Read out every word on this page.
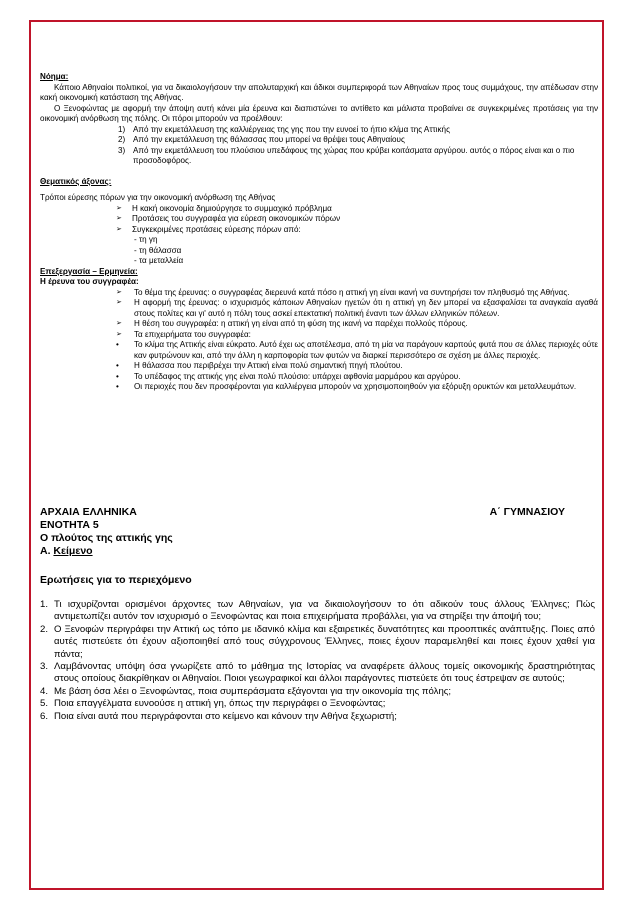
Νόημα:
Κάποιο Αθηναίοι πολιτικοί, για να δικαιολογήσουν την απολυταρχική και άδικοι συμπεριφορά των Αθηναίων προς τους συμμάχους, την απέδωσαν στην κακή οικονομική κατάσταση της Αθήνας.
Ο Ξενοφώντας με αφορμή την άποψη αυτή κάνει μία έρευνα και διαπιστώνει το αντίθετο και μάλιστα προβαίνει σε συγκεκριμένες προτάσεις για την οικονομική ανόρθωση της πόλης. Οι πόροι μπορούν να προέλθουν:
1) Από την εκμετάλλευση της καλλιέργειας της γης που την ευνοεί το ήπιο κλίμα της Αττικής
2) Από την εκμετάλλευση της θάλασσας που μπορεί να θρέψει τους Αθηναίους
3) Από την εκμετάλλευση του πλούσιου υπεδάφους της χώρας που κρύβει κοιτάσματα αργύρου. αυτός ο πόρος είναι και ο πιο προσοδοφόρος.
Θεματικός άξονας:
Τρόποι εύρεσης πόρων για την οικονομική ανόρθωση της Αθήνας
➢ Η κακή οικονομία δημιούργησε το συμμαχικό πρόβλημα
➢ Προτάσεις του συγγραφέα για εύρεση οικονομικών πόρων
➢ Συγκεκριμένες προτάσεις εύρεσης πόρων από:
- τη γη
- τη θάλασσα
- τα μεταλλεία
Επεξεργασία – Ερμηνεία:
Η έρευνα του συγγραφέα:
➢ Το θέμα της έρευνας: ο συγγραφέας διερευνά κατά πόσο η αττική γη είναι ικανή να συντηρήσει τον πληθυσμό της Αθήνας.
➢ Η αφορμή της έρευνας: ο ισχυρισμός κάποιων Αθηναίων ηγετών ότι η αττική γη δεν μπορεί να εξασφαλίσει τα αναγκαία αγαθά στους πολίτες και γι' αυτό η πόλη τους ασκεί επεκτατική πολιτική έναντι των άλλων ελληνικών πόλεων.
➢ Η θέση του συγγραφέα: η αττική γη είναι από τη φύση της ικανή να παρέχει πολλούς πόρους.
➢ Τα επιχειρήματα του συγγραφέα:
• Το κλίμα της Αττικής είναι εύκρατο. Αυτό έχει ως αποτέλεσμα, από τη μία να παράγουν καρπούς φυτά που σε άλλες περιοχές ούτε καν φυτρώνουν και, από την άλλη η καρποφορία των φυτών να διαρκεί περισσότερο σε σχέση με άλλες περιοχές.
• Η θάλασσα που περιβρέχει την Αττική είναι πολύ σημαντική πηγή πλούτου.
• Το υπέδαφος της αττικής γης είναι πολύ πλούσιο: υπάρχει αφθονία μαρμάρου και αργύρου.
• Οι περιοχές που δεν προσφέρονται για καλλιέργεια μπορούν να χρησιμοποιηθούν για εξόρυξη ορυκτών και μεταλλευμάτων.
ΑΡΧΑΙΑ ΕΛΛΗΝΙΚΑ	Α΄ ΓΥΜΝΑΣΙΟΥ
ΕΝΟΤΗΤΑ 5
Ο πλούτος της αττικής γης
Α. Κείμενο
Ερωτήσεις για το περιεχόμενο
1. Τι ισχυρίζονται ορισμένοι άρχοντες των Αθηναίων, για να δικαιολογήσουν το ότι αδικούν τους άλλους Έλληνες; Πώς αντιμετωπίζει αυτόν τον ισχυρισμό ο Ξενοφώντας και ποια επιχειρήματα προβάλλει, για να στηρίξει την άποψή του;
2. Ο Ξενοφών περιγράφει την Αττική ως τόπο με ιδανικό κλίμα και εξαιρετικές δυνατότητες και προοπτικές ανάπτυξης. Ποιες από αυτές πιστεύετε ότι έχουν αξιοποιηθεί από τους σύγχρονους Έλληνες, ποιες έχουν παραμεληθεί και ποιες έχουν χαθεί για πάντα;
3. Λαμβάνοντας υπόψη όσα γνωρίζετε από το μάθημα της Ιστορίας να αναφέρετε άλλους τομείς οικονομικής δραστηριότητας στους οποίους διακρίθηκαν οι Αθηναίοι. Ποιοι γεωγραφικοί και άλλοι παράγοντες πιστεύετε ότι τους έστρεψαν σε αυτούς;
4. Με βάση όσα λέει ο Ξενοφώντας, ποια συμπεράσματα εξάγονται για την οικονομία της πόλης;
5. Ποια επαγγέλματα ευνοούσε η αττική γη, όπως την περιγράφει ο Ξενοφώντας;
6. Ποια είναι αυτά που περιγράφονται στο κείμενο και κάνουν την Αθήνα ξεχωριστή;
